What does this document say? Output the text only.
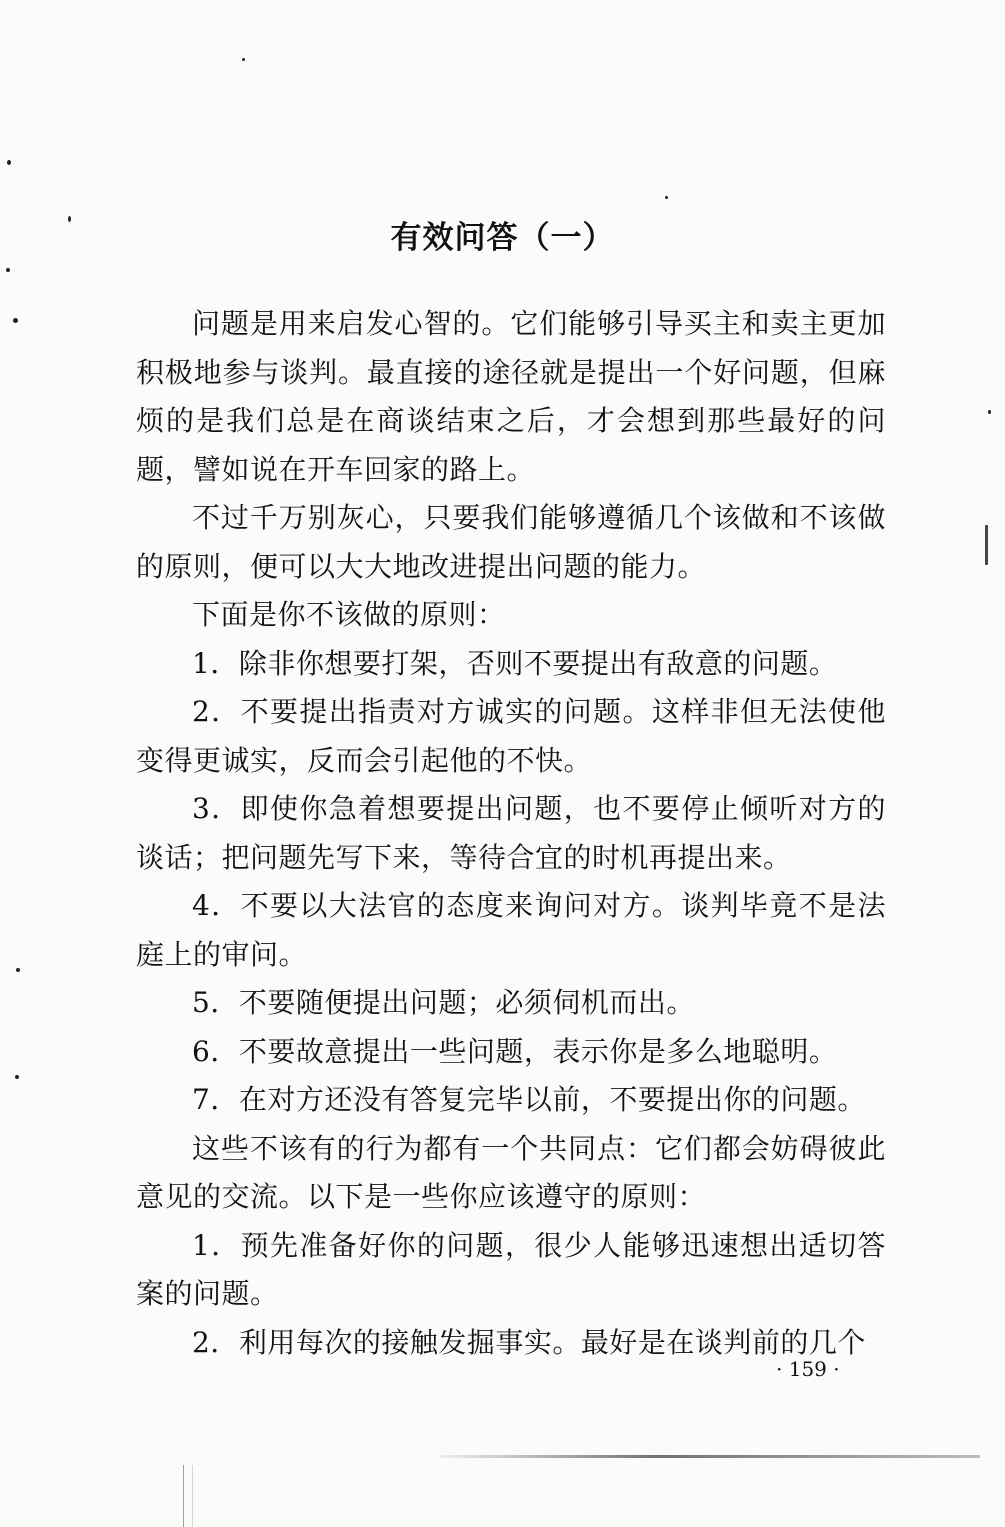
有效问答（一）

问题是用来启发心智的。它们能够引导买主和卖主更加积极地参与谈判。最直接的途径就是提出一个好问题，但麻烦的是我们总是在商谈结束之后，才会想到那些最好的问题，譬如说在开车回家的路上。

不过千万别灰心，只要我们能够遵循几个该做和不该做的原则，便可以大大地改进提出问题的能力。

下面是你不该做的原则：

1．除非你想要打架，否则不要提出有敌意的问题。

2．不要提出指责对方诚实的问题。这样非但无法使他变得更诚实，反而会引起他的不快。

3．即使你急着想要提出问题，也不要停止倾听对方的谈话；把问题先写下来，等待合宜的时机再提出来。

4．不要以大法官的态度来询问对方。谈判毕竟不是法庭上的审问。

5．不要随便提出问题；必须伺机而出。

6．不要故意提出一些问题，表示你是多么地聪明。

7．在对方还没有答复完毕以前，不要提出你的问题。

这些不该有的行为都有一个共同点：它们都会妨碍彼此意见的交流。以下是一些你应该遵守的原则：

1．预先准备好你的问题，很少人能够迅速想出适切答案的问题。

2．利用每次的接触发掘事实。最好是在谈判前的几个

· 159 ·
